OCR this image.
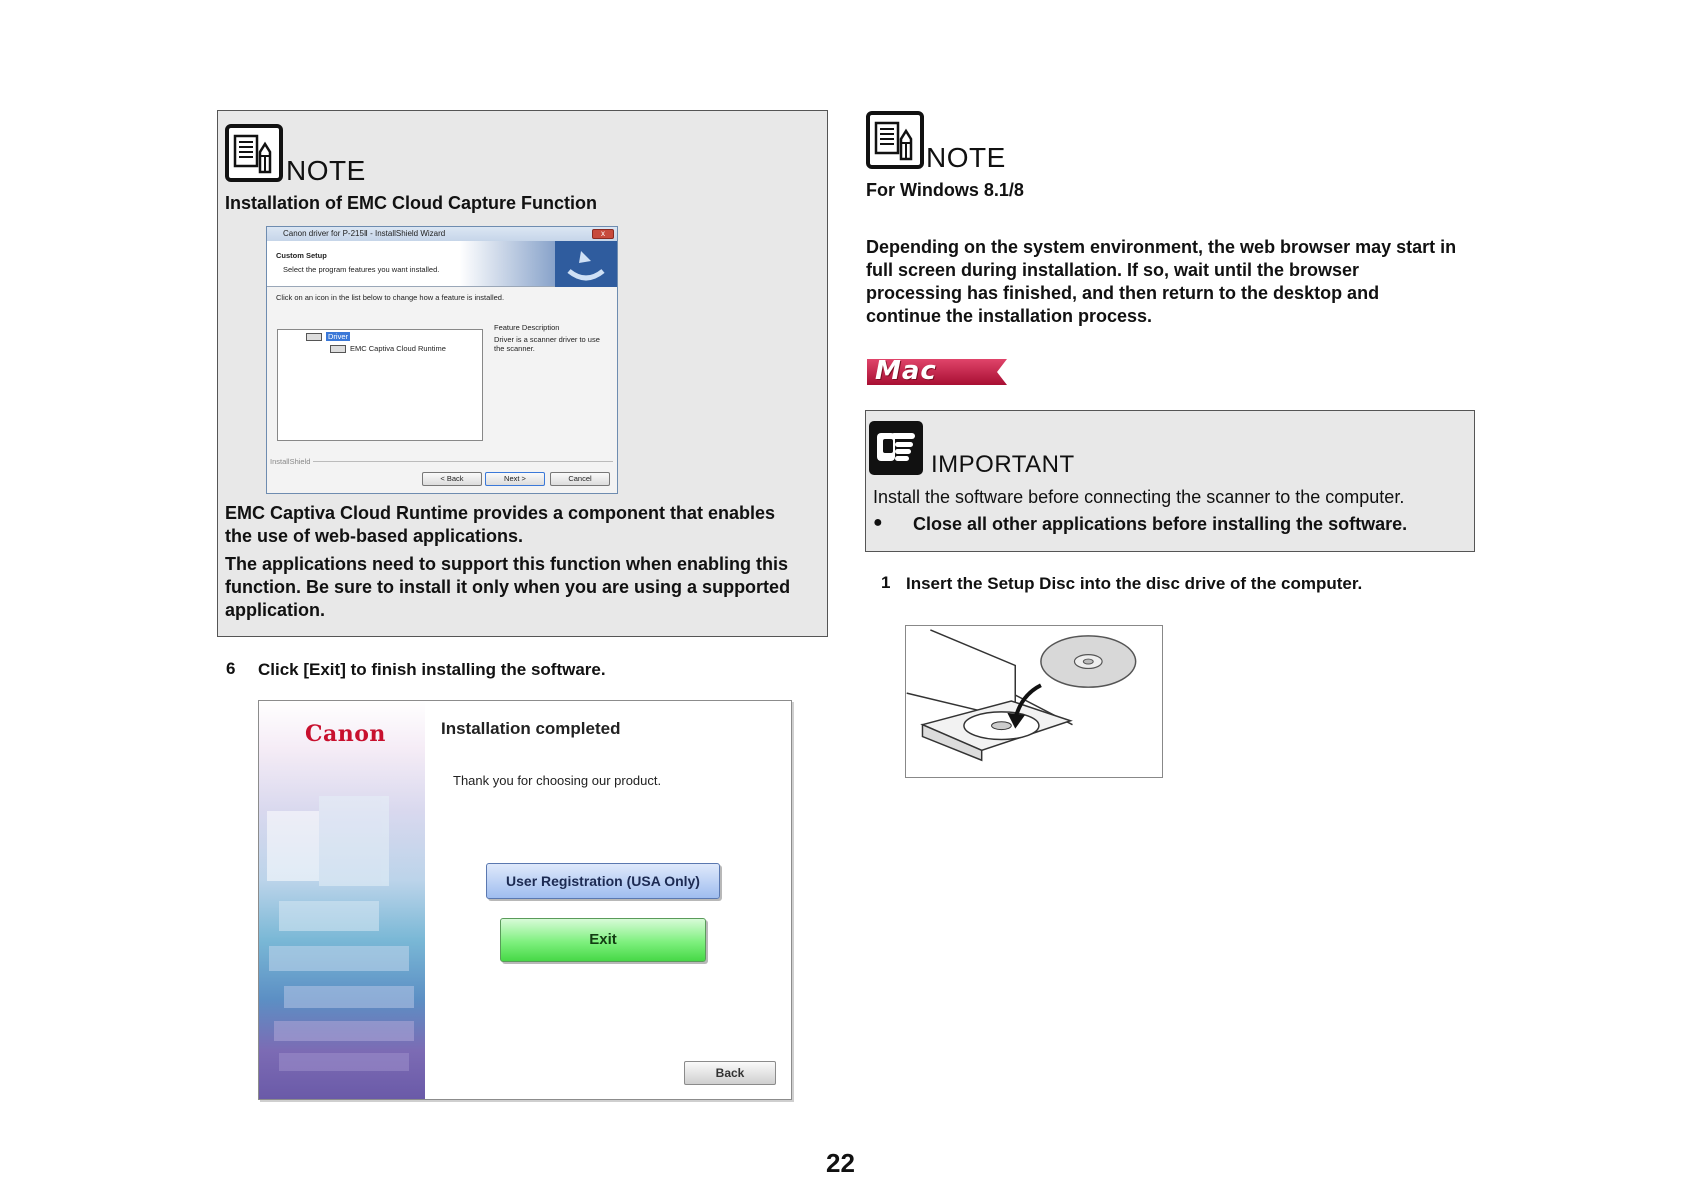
NOTE
Installation of EMC Cloud Capture Function
Canon driver for P-215Ⅱ - InstallShield Wizard	x
Custom Setup
Select the program features you want installed.
Click on an icon in the list below to change how a feature is installed.
Driver
EMC Captiva Cloud Runtime
Feature Description
Driver is a scanner driver to use
the scanner.
InstallShield
< Back	Next >	Cancel
EMC Captiva Cloud Runtime provides a component that enables
the use of web-based applications.
The applications need to support this function when enabling this
function. Be sure to install it only when you are using a supported
application.
6 Click [Exit] to finish installing the software.
Canon	Installation completed
Thank you for choosing our product.
User Registration (USA Only)
Exit
Back
NOTE
For Windows 8.1/8
Depending on the system environment, the web browser may start in
full screen during installation. If so, wait until the browser
processing has finished, and then return to the desktop and
continue the installation process.
Mac
IMPORTANT
Install the software before connecting the scanner to the computer.
● Close all other applications before installing the software.
1 Insert the Setup Disc into the disc drive of the computer.
22
